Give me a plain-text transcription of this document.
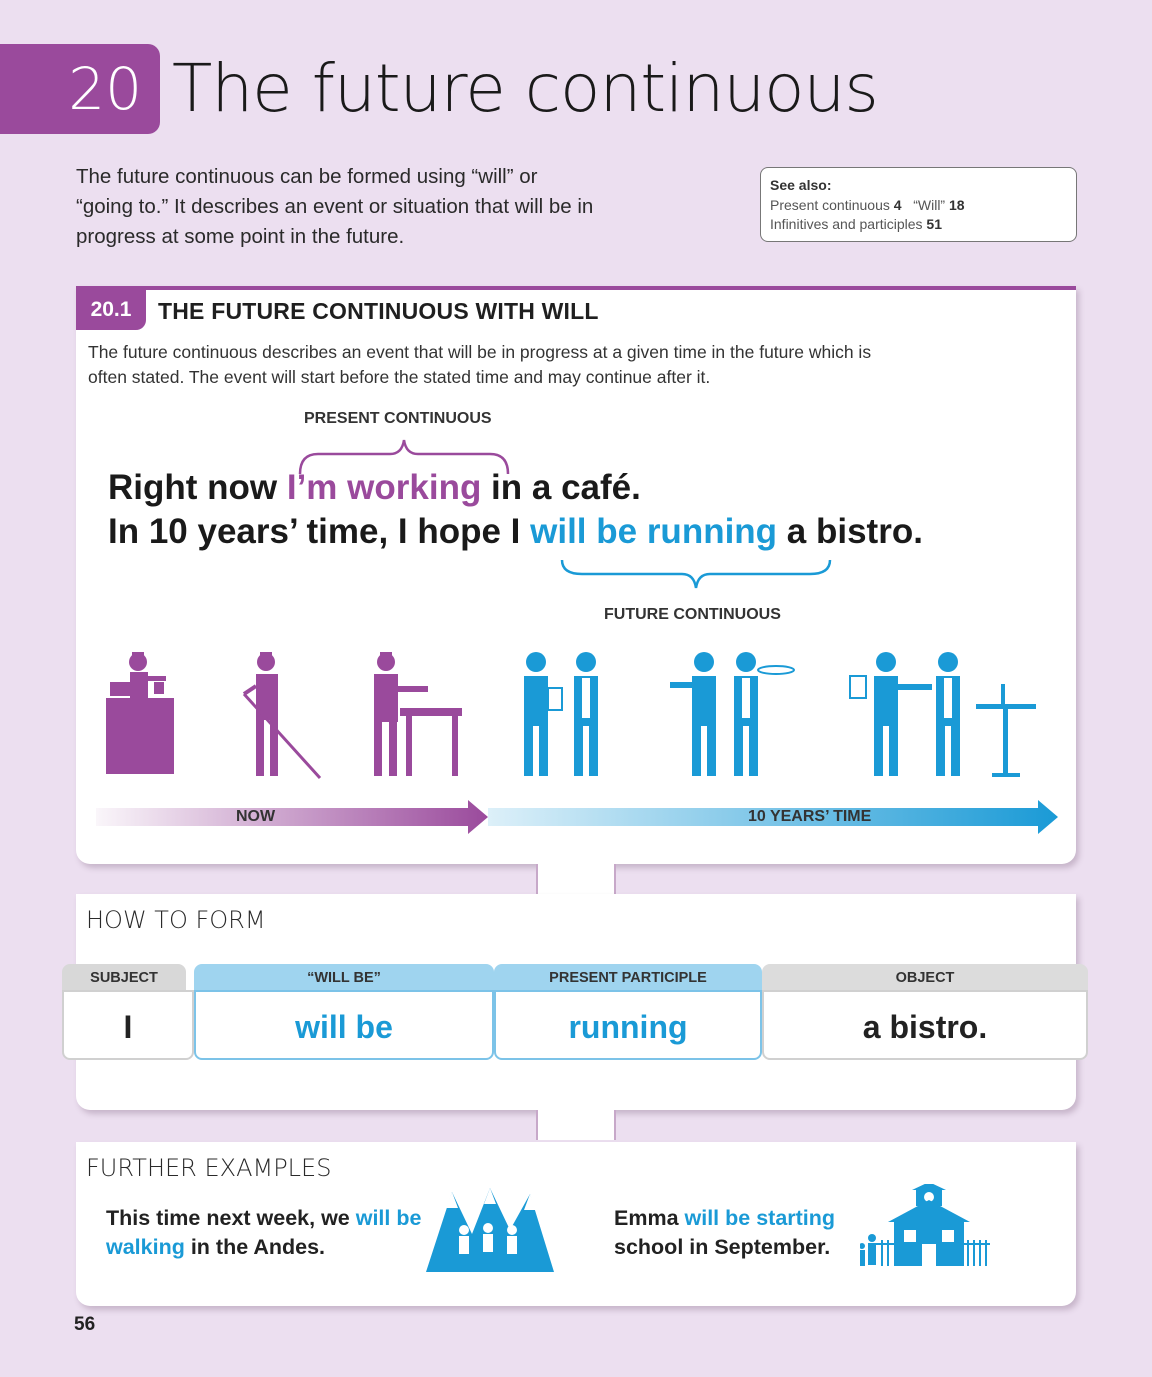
20 The future continuous

The future continuous can be formed using “will” or “going to.” It describes an event or situation that will be in progress at some point in the future.

See also:
Present continuous 4 “Will” 18
Infinitives and participles 51
20.1	THE FUTURE CONTINUOUS WITH WILL

The future continuous describes an event that will be in progress at a given time in the future which is often stated. The event will start before the stated time and may continue after it.

PRESENT CONTINUOUS
Right now I’m working in a café.
In 10 years’ time, I hope I will be running a bistro.
FUTURE CONTINUOUS
NOW	10 YEARS’ TIME
HOW TO FORM
SUBJECT
I
“WILL BE”
will be
PRESENT PARTICIPLE
running
OBJECT
a bistro.
FURTHER EXAMPLES
This time next week, we will be walking in the Andes.
Emma will be starting school in September.
56
